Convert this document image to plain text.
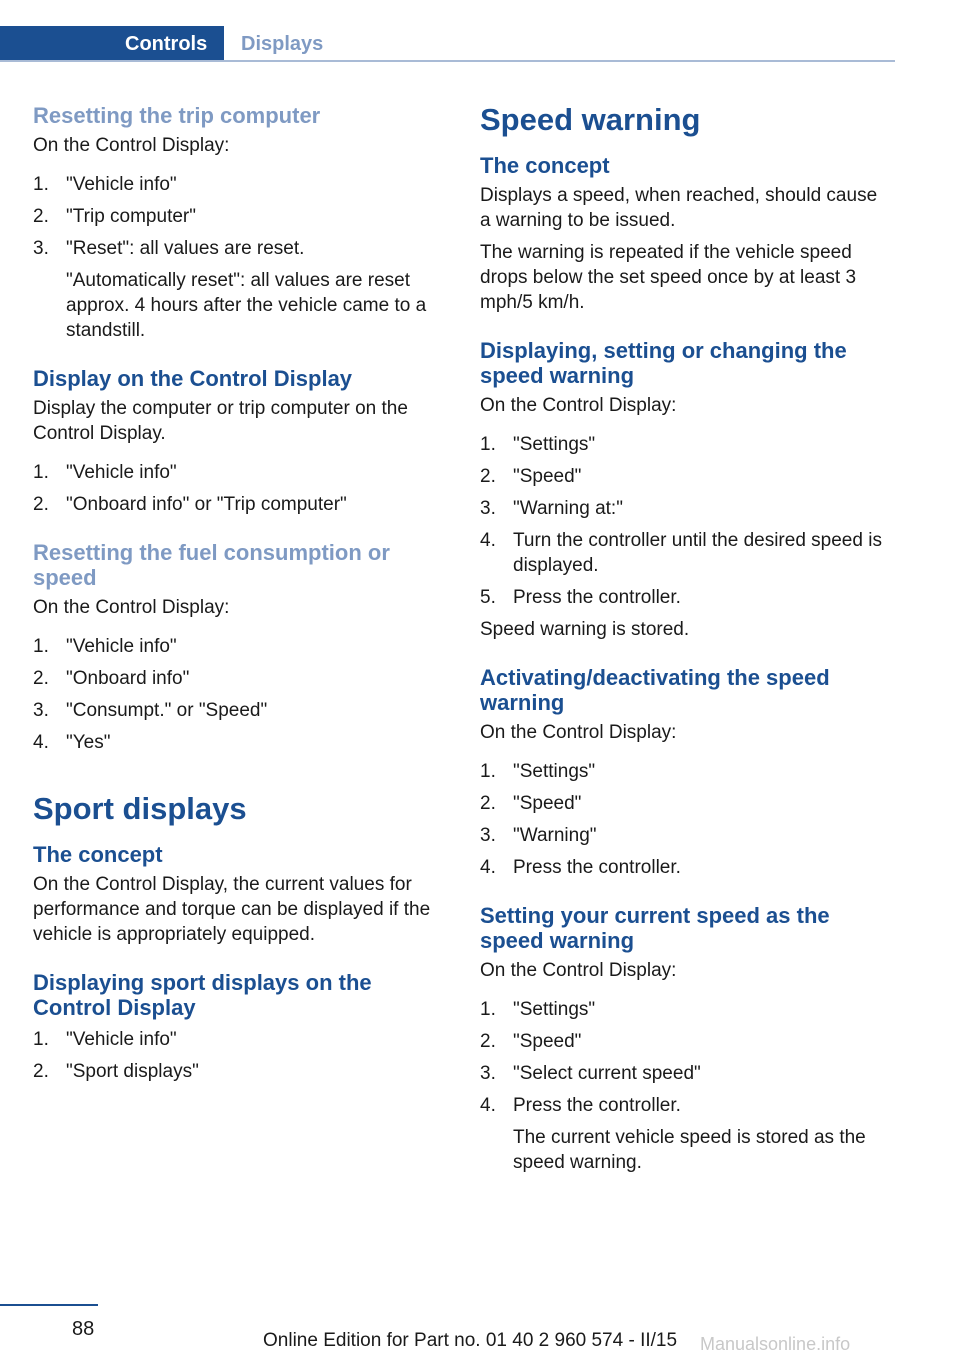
Controls	Displays
Resetting the trip computer

On the Control Display:

1. "Vehicle info"
2. "Trip computer"
3. "Reset": all values are reset.
"Automatically reset": all values are reset approx. 4 hours after the vehicle came to a standstill.
Display on the Control Display

Display the computer or trip computer on the Control Display.

1. "Vehicle info"
2. "Onboard info" or "Trip computer"
Resetting the fuel consumption or speed

On the Control Display:

1. "Vehicle info"
2. "Onboard info"
3. "Consumpt." or "Speed"
4. "Yes"
Sport displays
The concept

On the Control Display, the current values for performance and torque can be displayed if the vehicle is appropriately equipped.

Displaying sport displays on the Control Display
1. "Vehicle info"
2. "Sport displays"
Speed warning
The concept

Displays a speed, when reached, should cause a warning to be issued.

The warning is repeated if the vehicle speed drops below the set speed once by at least 3 mph/5 km/h.

Displaying, setting or changing the speed warning

On the Control Display:

1. "Settings"
2. "Speed"
3. "Warning at:"
4. Turn the controller until the desired speed is displayed.
5. Press the controller.

Speed warning is stored.

Activating/deactivating the speed warning

On the Control Display:

1. "Settings"
2. "Speed"
3. "Warning"
4. Press the controller.
Setting your current speed as the speed warning

On the Control Display:

1. "Settings"
2. "Speed"
3. "Select current speed"
4. Press the controller.
The current vehicle speed is stored as the speed warning.
88
Online Edition for Part no. 01 40 2 960 574 - II/15 Manualsonline.info
